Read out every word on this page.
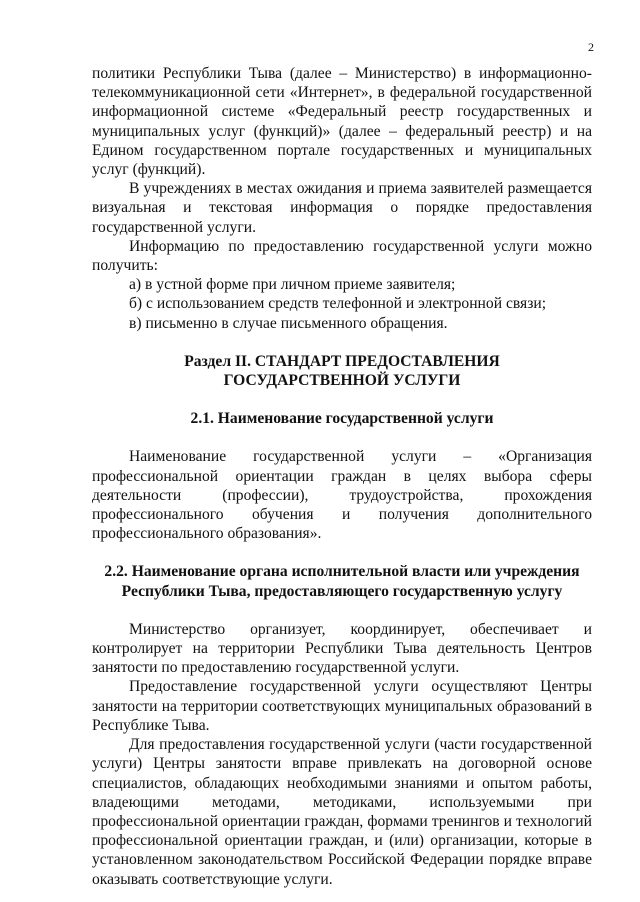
2

политики Республики Тыва (далее – Министерство) в информационно-телекоммуникационной сети «Интернет», в федеральной государственной информационной системе «Федеральный реестр государственных и муниципальных услуг (функций)» (далее – федеральный реестр) и на Едином государственном портале государственных и муниципальных услуг (функций).

В учреждениях в местах ожидания и приема заявителей размещается визуальная и текстовая информация о порядке предоставления государственной услуги.

Информацию по предоставлению государственной услуги можно получить:

а) в устной форме при личном приеме заявителя;

б) с использованием средств телефонной и электронной связи;

в) письменно в случае письменного обращения.

Раздел II. СТАНДАРТ ПРЕДОСТАВЛЕНИЯ
ГОСУДАРСТВЕННОЙ УСЛУГИ
2.1. Наименование государственной услуги

Наименование государственной услуги – «Организация профессиональной ориентации граждан в целях выбора сферы деятельности (профессии), трудоустройства, прохождения профессионального обучения и получения дополнительного профессионального образования».

2.2. Наименование органа исполнительной власти или учреждения
Республики Тыва, предоставляющего государственную услугу

Министерство организует, координирует, обеспечивает и контролирует на территории Республики Тыва деятельность Центров занятости по предоставлению государственной услуги.

Предоставление государственной услуги осуществляют Центры занятости на территории соответствующих муниципальных образований в Республике Тыва.

Для предоставления государственной услуги (части государственной услуги) Центры занятости вправе привлекать на договорной основе специалистов, обладающих необходимыми знаниями и опытом работы, владеющими методами, методиками, используемыми при профессиональной ориентации граждан, формами тренингов и технологий профессиональной ориентации граждан, и (или) организации, которые в установленном законодательством Российской Федерации порядке вправе оказывать соответствующие услуги.
